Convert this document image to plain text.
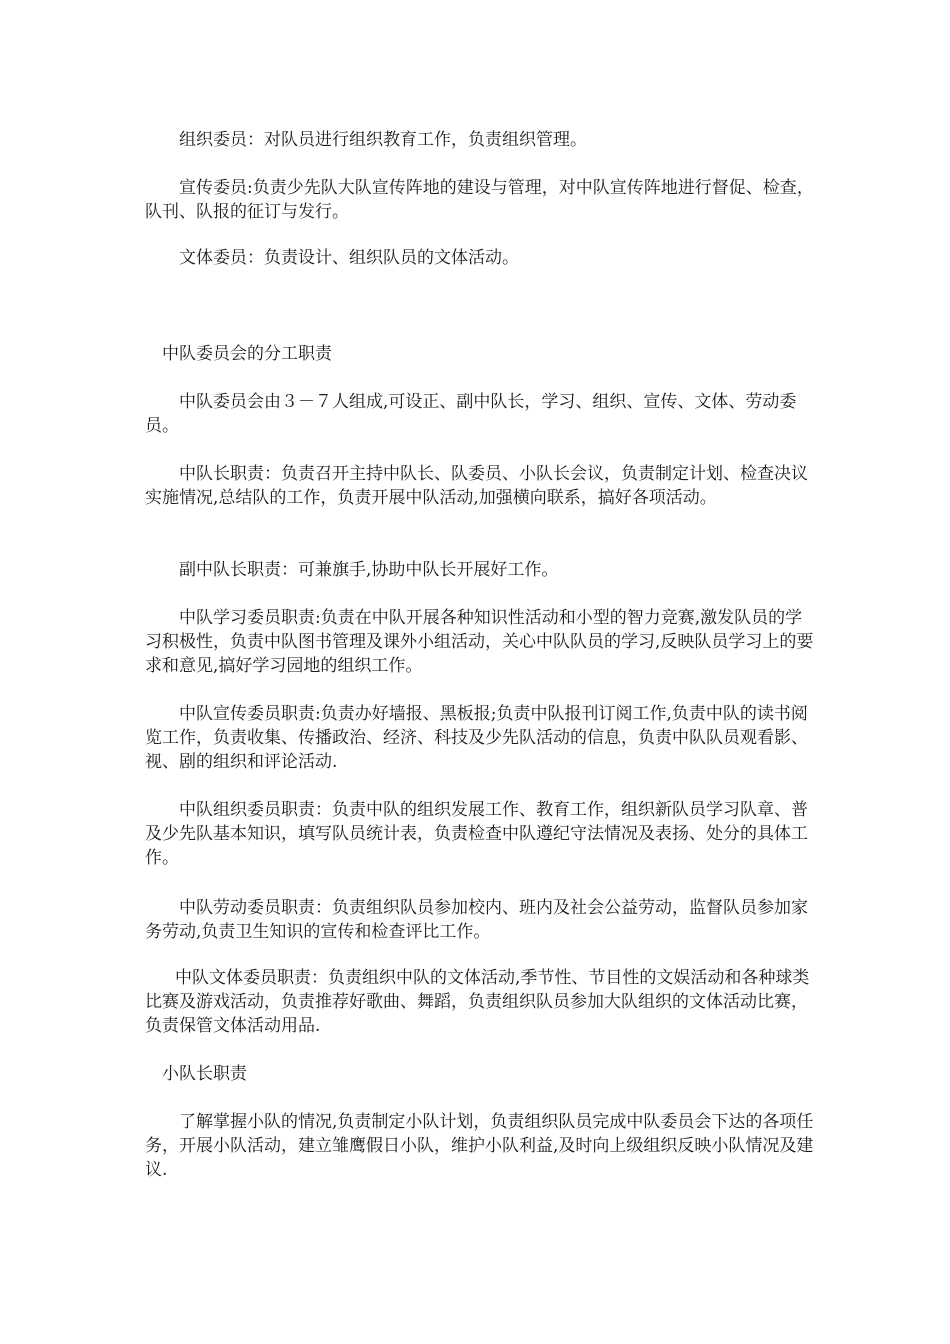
组织委员：对队员进行组织教育工作，负责组织管理。

宣传委员:负责少先队大队宣传阵地的建设与管理，对中队宣传阵地进行督促、检查，队刊、队报的征订与发行。

文体委员：负责设计、组织队员的文体活动。

中队委员会的分工职责

中队委员会由３－７人组成,可设正、副中队长，学习、组织、宣传、文体、劳动委员。

中队长职责：负责召开主持中队长、队委员、小队长会议，负责制定计划、检查决议实施情况,总结队的工作，负责开展中队活动,加强横向联系，搞好各项活动。

副中队长职责：可兼旗手,协助中队长开展好工作。

中队学习委员职责:负责在中队开展各种知识性活动和小型的智力竞赛,激发队员的学习积极性，负责中队图书管理及课外小组活动，关心中队队员的学习,反映队员学习上的要求和意见,搞好学习园地的组织工作。

中队宣传委员职责:负责办好墙报、黑板报;负责中队报刊订阅工作,负责中队的读书阅览工作，负责收集、传播政治、经济、科技及少先队活动的信息，负责中队队员观看影、视、剧的组织和评论活动.

中队组织委员职责：负责中队的组织发展工作、教育工作，组织新队员学习队章、普及少先队基本知识，填写队员统计表，负责检查中队遵纪守法情况及表扬、处分的具体工作。

中队劳动委员职责：负责组织队员参加校内、班内及社会公益劳动，监督队员参加家务劳动,负责卫生知识的宣传和检查评比工作。

中队文体委员职责：负责组织中队的文体活动,季节性、节目性的文娱活动和各种球类比赛及游戏活动，负责推荐好歌曲、舞蹈，负责组织队员参加大队组织的文体活动比赛，负责保管文体活动用品.

小队长职责

了解掌握小队的情况,负责制定小队计划，负责组织队员完成中队委员会下达的各项任务，开展小队活动，建立雏鹰假日小队，维护小队利益,及时向上级组织反映小队情况及建议.
